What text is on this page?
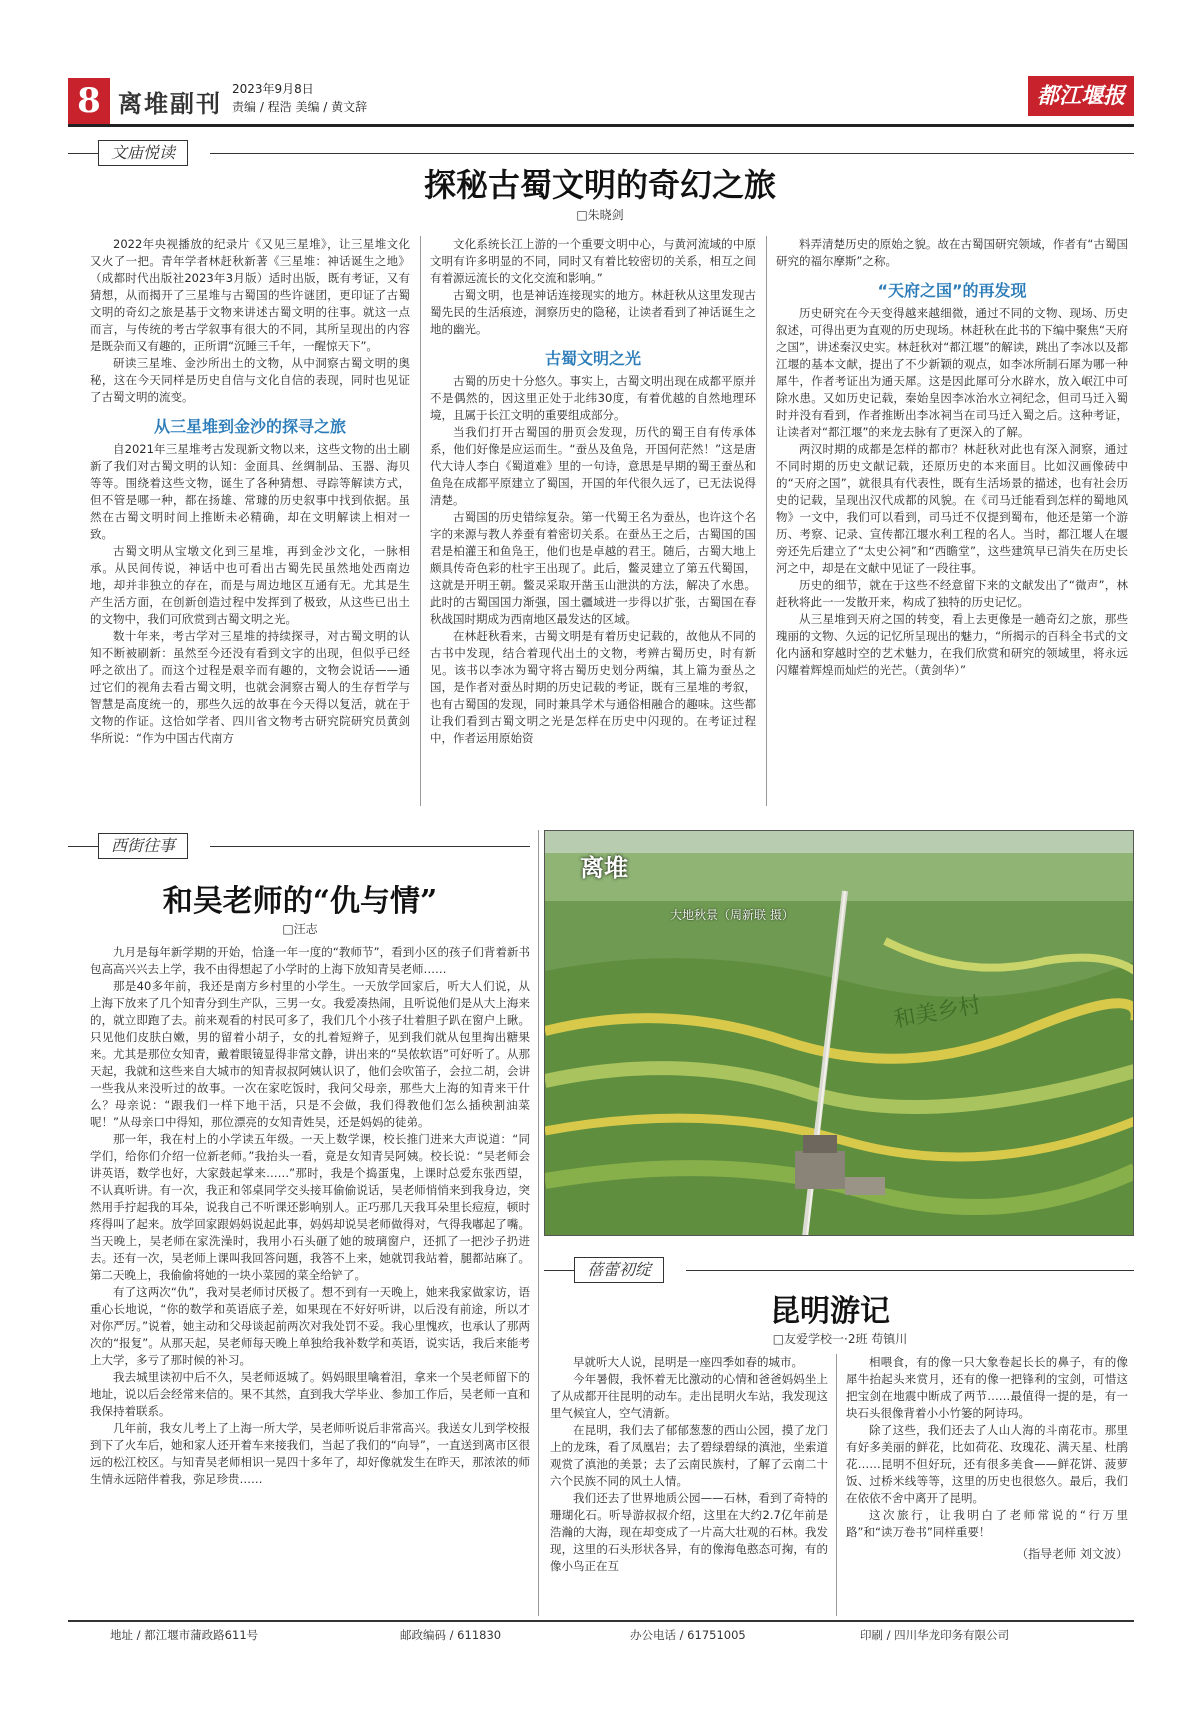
8 离堆副刊
2023年9月8日
责编 / 程浩 美编 / 黄文辞	都江堰报
文庙悦读
探秘古蜀文明的奇幻之旅
□朱晓剑

2022年央视播放的纪录片《又见三星堆》，让三星堆文化又火了一把。青年学者林赶秋新著《三星堆：神话诞生之地》（成都时代出版社2023年3月版）适时出版，既有考证，又有猜想，从而揭开了三星堆与古蜀国的些许谜团，更印证了古蜀文明的奇幻之旅是基于文物来讲述古蜀文明的往事。就这一点而言，与传统的考古学叙事有很大的不同，其所呈现出的内容是既杂而又有趣的，正所谓“沉睡三千年，一醒惊天下”。

研读三星堆、金沙所出土的文物，从中洞察古蜀文明的奥秘，这在今天同样是历史自信与文化自信的表现，同时也见证了古蜀文明的流变。

从三星堆到金沙的探寻之旅

自2021年三星堆考古发现新文物以来，这些文物的出土刷新了我们对古蜀文明的认知：金面具、丝绸制品、玉器、海贝等等。围绕着这些文物，诞生了各种猜想、寻踪等解读方式，但不管是哪一种，都在扬雄、常璩的历史叙事中找到依据。虽然在古蜀文明时间上推断未必精确，却在文明解读上相对一致。

古蜀文明从宝墩文化到三星堆，再到金沙文化，一脉相承。从民间传说，神话中也可看出古蜀先民虽然地处西南边地，却并非独立的存在，而是与周边地区互通有无。尤其是生产生活方面，在创新创造过程中发挥到了极致，从这些已出土的文物中，我们可欣赏到古蜀文明之光。

数十年来，考古学对三星堆的持续探寻，对古蜀文明的认知不断被刷新：虽然至今还没有看到文字的出现，但似乎已经呼之欲出了。而这个过程是艰辛而有趣的，文物会说话——通过它们的视角去看古蜀文明，也就会洞察古蜀人的生存哲学与智慧是高度统一的，那些久远的故事在今天得以复活，就在于文物的作证。这恰如学者、四川省文物考古研究院研究员黄剑华所说：“作为中国古代南方

文化系统长江上游的一个重要文明中心，与黄河流域的中原文明有许多明显的不同，同时又有着比较密切的关系，相互之间有着源远流长的文化交流和影响。”

古蜀文明，也是神话连接现实的地方。林赶秋从这里发现古蜀先民的生活痕迹，洞察历史的隐秘，让读者看到了神话诞生之地的幽光。

古蜀文明之光

古蜀的历史十分悠久。事实上，古蜀文明出现在成都平原并不是偶然的，因这里正处于北纬30度，有着优越的自然地理环境，且属于长江文明的重要组成部分。

当我们打开古蜀国的册页会发现，历代的蜀王自有传承体系，他们好像是应运而生。“蚕丛及鱼凫，开国何茫然！”这是唐代大诗人李白《蜀道难》里的一句诗，意思是早期的蜀王蚕丛和鱼凫在成都平原建立了蜀国，开国的年代很久远了，已无法说得清楚。

古蜀国的历史错综复杂。第一代蜀王名为蚕丛，也许这个名字的来源与教人养蚕有着密切关系。在蚕丛王之后，古蜀国的国君是柏灌王和鱼凫王，他们也是卓越的君王。随后，古蜀大地上颇具传奇色彩的杜宇王出现了。此后，鳖灵建立了第五代蜀国，这就是开明王朝。鳖灵采取开凿玉山泄洪的方法，解决了水患。此时的古蜀国国力渐强，国土疆域进一步得以扩张，古蜀国在春秋战国时期成为西南地区最发达的区域。

在林赶秋看来，古蜀文明是有着历史记载的，故他从不同的古书中发现，结合着现代出土的文物，考辨古蜀历史，时有新见。该书以李冰为蜀守将古蜀历史划分两编，其上篇为蚕丛之国，是作者对蚕丛时期的历史记载的考证，既有三星堆的考叙，也有古蜀国的发现，同时兼具学术与通俗相融合的趣味。这些都让我们看到古蜀文明之光是怎样在历史中闪现的。在考证过程中，作者运用原始资

料弄清楚历史的原始之貌。故在古蜀国研究领域，作者有“古蜀国研究的福尔摩斯”之称。

“天府之国”的再发现

历史研究在今天变得越来越细微，通过不同的文物、现场、历史叙述，可得出更为直观的历史现场。林赶秋在此书的下编中聚焦“天府之国”，讲述秦汉史实。林赶秋对“都江堰”的解读，跳出了李冰以及都江堰的基本文献，提出了不少新颖的观点，如李冰所制石犀为哪一种犀牛，作者考证出为通天犀。这是因此犀可分水辟水，放入岷江中可除水患。又如历史记载，秦始皇因李冰治水立祠纪念，但司马迁入蜀时并没有看到，作者推断出李冰祠当在司马迁入蜀之后。这种考证，让读者对“都江堰”的来龙去脉有了更深入的了解。

两汉时期的成都是怎样的都市？林赶秋对此也有深入洞察，通过不同时期的历史文献记载，还原历史的本来面目。比如汉画像砖中的“天府之国”，就很具有代表性，既有生活场景的描述，也有社会历史的记载，呈现出汉代成都的风貌。在《司马迁能看到怎样的蜀地风物》一文中，我们可以看到，司马迁不仅提到蜀布，他还是第一个游历、考察、记录、宣传都江堰水利工程的名人。当时，都江堰人在堰旁还先后建立了“太史公祠”和“西瞻堂”，这些建筑早已消失在历史长河之中，却是在文献中见证了一段往事。

历史的细节，就在于这些不经意留下来的文献发出了“微声”，林赶秋将此一一发散开来，构成了独特的历史记忆。

从三星堆到天府之国的转变，看上去更像是一趟奇幻之旅，那些瑰丽的文物、久远的记忆所呈现出的魅力，“所揭示的百科全书式的文化内涵和穿越时空的艺术魅力，在我们欣赏和研究的领域里，将永远闪耀着辉煌而灿烂的光芒。（黄剑华）”

西街往事
和吴老师的“仇与情”
□汪志

九月是每年新学期的开始，恰逢一年一度的“教师节”，看到小区的孩子们背着新书包高高兴兴去上学，我不由得想起了小学时的上海下放知青吴老师……

那是40多年前，我还是南方乡村里的小学生。一天放学回家后，听大人们说，从上海下放来了几个知青分到生产队，三男一女。我爱凑热闹，且听说他们是从大上海来的，就立即跑了去。前来观看的村民可多了，我们几个小孩子壮着胆子趴在窗户上瞅。只见他们皮肤白嫩，男的留着小胡子，女的扎着短辫子，见到我们就从包里掏出糖果来。尤其是那位女知青，戴着眼镜显得非常文静，讲出来的“吴侬软语”可好听了。从那天起，我就和这些来自大城市的知青叔叔阿姨认识了，他们会吹笛子，会拉二胡，会讲一些我从来没听过的故事。一次在家吃饭时，我问父母亲，那些大上海的知青来干什么？母亲说：“跟我们一样下地干活，只是不会做，我们得教他们怎么插秧割油菜呢！”从母亲口中得知，那位漂亮的女知青姓吴，还是妈妈的徒弟。

那一年，我在村上的小学读五年级。一天上数学课，校长推门进来大声说道：“同学们，给你们介绍一位新老师。”我抬头一看，竟是女知青吴阿姨。校长说：“吴老师会讲英语，数学也好，大家鼓起掌来……”那时，我是个捣蛋鬼，上课时总爱东张西望，不认真听讲。有一次，我正和邻桌同学交头接耳偷偷说话，吴老师悄悄来到我身边，突然用手拧起我的耳朵，说我自己不听课还影响别人。正巧那几天我耳朵里长痘痘，顿时疼得叫了起来。放学回家跟妈妈说起此事，妈妈却说吴老师做得对，气得我嘟起了嘴。当天晚上，吴老师在家洗澡时，我用小石头砸了她的玻璃窗户，还抓了一把沙子扔进去。还有一次，吴老师上课叫我回答问题，我答不上来，她就罚我站着，腿都站麻了。第二天晚上，我偷偷将她的一块小菜园的菜全给铲了。

有了这两次“仇”，我对吴老师讨厌极了。想不到有一天晚上，她来我家做家访，语重心长地说，“你的数学和英语底子差，如果现在不好好听讲，以后没有前途，所以才对你严厉。”说着，她主动和父母谈起前两次对我处罚不妥。我心里愧疚，也承认了那两次的“报复”。从那天起，吴老师每天晚上单独给我补数学和英语，说实话，我后来能考上大学，多亏了那时候的补习。

我去城里读初中后不久，吴老师返城了。妈妈眼里噙着泪，拿来一个吴老师留下的地址，说以后会经常来信的。果不其然，直到我大学毕业、参加工作后，吴老师一直和我保持着联系。

几年前，我女儿考上了上海一所大学，吴老师听说后非常高兴。我送女儿到学校报到下了火车后，她和家人还开着车来接我们，当起了我们的“向导”，一直送到离市区很远的松江校区。与知青吴老师相识一晃四十多年了，却好像就发生在昨天，那浓浓的师生情永远陪伴着我，弥足珍贵……

和美乡村
离堆
大地秋景（周新联 摄）
蓓蕾初绽
昆明游记
□友爱学校一·2班 苟镇川

早就听大人说，昆明是一座四季如春的城市。

今年暑假，我怀着无比激动的心情和爸爸妈妈坐上了从成都开往昆明的动车。走出昆明火车站，我发现这里气候宜人，空气清新。

在昆明，我们去了郁郁葱葱的西山公园，摸了龙门上的龙珠，看了凤凰岩；去了碧绿碧绿的滇池，坐索道观赏了滇池的美景；去了云南民族村，了解了云南二十六个民族不同的风土人情。

我们还去了世界地质公园——石林，看到了奇特的珊瑚化石。听导游叔叔介绍，这里在大约2.7亿年前是浩瀚的大海，现在却变成了一片高大壮观的石林。我发现，这里的石头形状各异，有的像海龟憨态可掬，有的像小鸟正在互

相喂食，有的像一只大象卷起长长的鼻子，有的像犀牛抬起头来赏月，还有的像一把锋利的宝剑，可惜这把宝剑在地震中断成了两节……最值得一提的是，有一块石头很像背着小小竹篓的阿诗玛。

除了这些，我们还去了人山人海的斗南花市。那里有好多美丽的鲜花，比如荷花、玫瑰花、满天星、杜鹃花……昆明不但好玩，还有很多美食——鲜花饼、菠萝饭、过桥米线等等，这里的历史也很悠久。最后，我们在依依不舍中离开了昆明。

这次旅行，让我明白了老师常说的“行万里路”和“读万卷书”同样重要！

（指导老师 刘文波）
地址 / 都江堰市蒲政路611号	邮政编码 / 611830	办公电话 / 61751005	印刷 / 四川华龙印务有限公司
